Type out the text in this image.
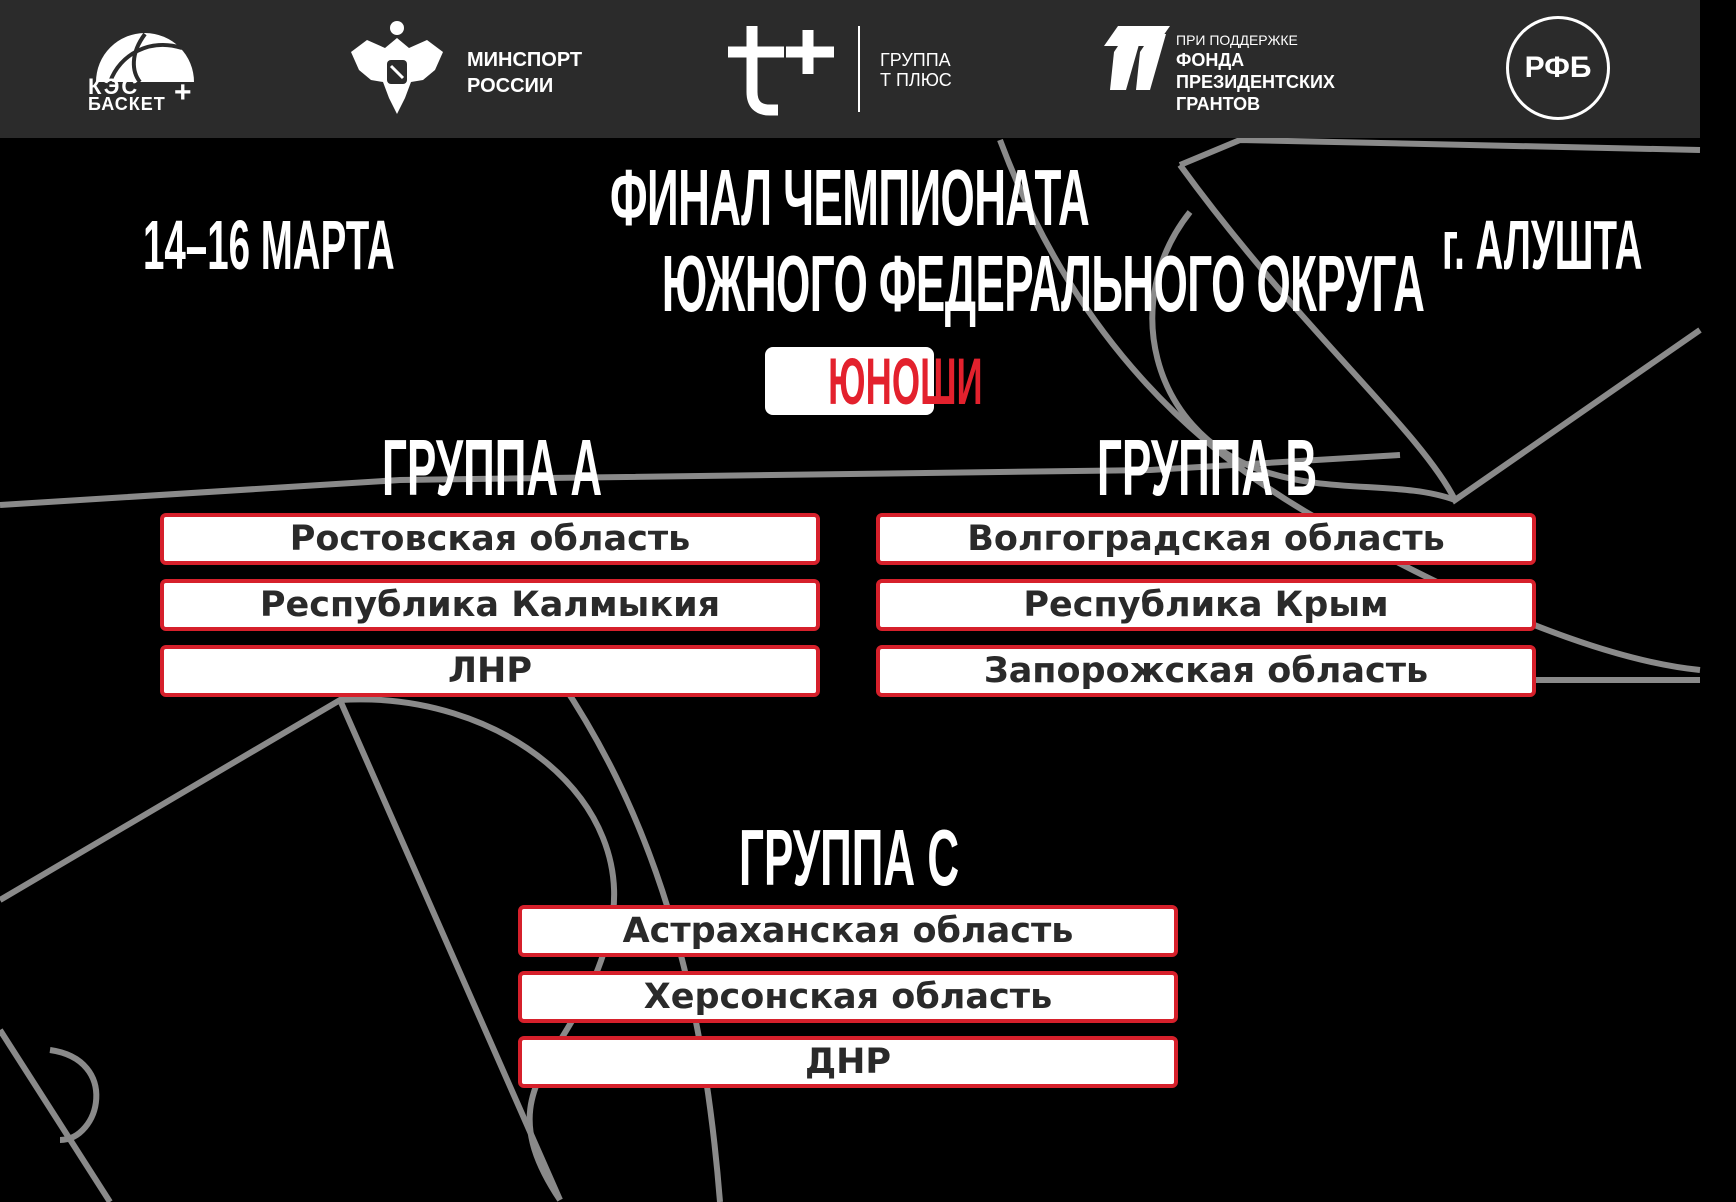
КЭС
БАСКЕТ +
МИНСПОРТ
РОССИИ
ГРУППА
Т ПЛЮС
ПРИ ПОДДЕРЖКЕ
ФОНДА
ПРЕЗИДЕНТСКИХ
ГРАНТОВ
РФБ
14–16 МАРТА	г. АЛУШТА
ФИНАЛ ЧЕМПИОНАТА
ЮЖНОГО ФЕДЕРАЛЬНОГО ОКРУГА
ЮНОШИ
ГРУППА А
Ростовская область
Республика Калмыкия
ЛНР
ГРУППА В
Волгоградская область
Республика Крым
Запорожская область
ГРУППА С
Астраханская область
Херсонская область
ДНР
